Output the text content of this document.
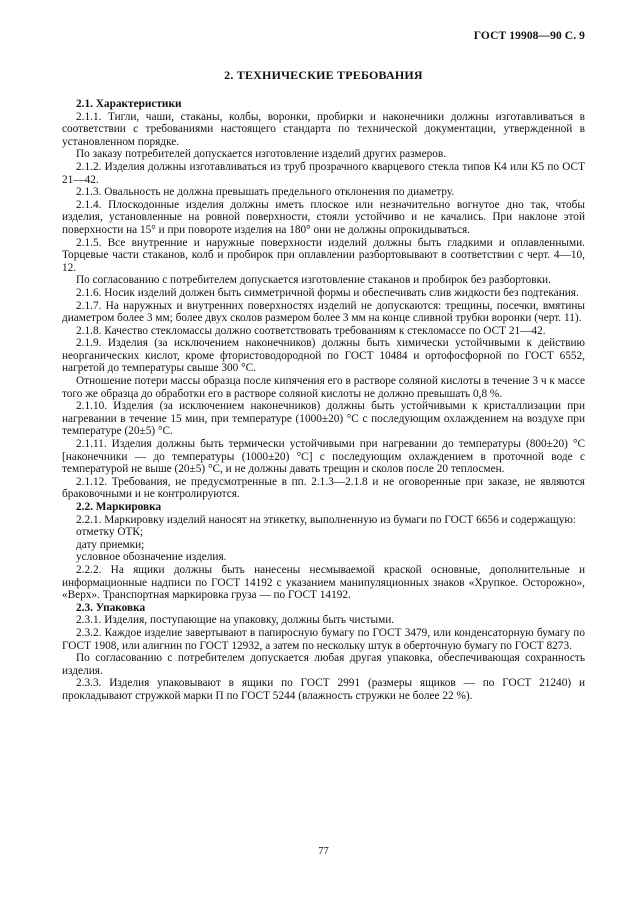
ГОСТ 19908—90 С. 9
2. ТЕХНИЧЕСКИЕ ТРЕБОВАНИЯ

2.1. Характеристики

2.1.1. Тигли, чаши, стаканы, колбы, воронки, пробирки и наконечники должны изготавливаться в соответствии с требованиями настоящего стандарта по технической документации, утвержденной в установленном порядке.

По заказу потребителей допускается изготовление изделий других размеров.

2.1.2. Изделия должны изготавливаться из труб прозрачного кварцевого стекла типов К4 или К5 по ОСТ 21—42.

2.1.3. Овальность не должна превышать предельного отклонения по диаметру.

2.1.4. Плоскодонные изделия должны иметь плоское или незначительно вогнутое дно так, чтобы изделия, установленные на ровной поверхности, стояли устойчиво и не качались. При наклоне этой поверхности на 15° и при повороте изделия на 180° они не должны опрокидываться.

2.1.5. Все внутренние и наружные поверхности изделий должны быть гладкими и оплавленными. Торцевые части стаканов, колб и пробирок при оплавлении разбортовывают в соответствии с черт. 4—10, 12.

По согласованию с потребителем допускается изготовление стаканов и пробирок без разбортовки.

2.1.6. Носик изделий должен быть симметричной формы и обеспечивать слив жидкости без подтекания.

2.1.7. На наружных и внутренних поверхностях изделий не допускаются: трещины, посечки, вмятины диаметром более 3 мм; более двух сколов размером более 3 мм на конце сливной трубки воронки (черт. 11).

2.1.8. Качество стекломассы должно соответствовать требованиям к стекломассе по ОСТ 21—42.

2.1.9. Изделия (за исключением наконечников) должны быть химически устойчивыми к действию неорганических кислот, кроме фтористоводородной по ГОСТ 10484 и ортофосфорной по ГОСТ 6552, нагретой до температуры свыше 300 °С.

Отношение потери массы образца после кипячения его в растворе соляной кислоты в течение 3 ч к массе того же образца до обработки его в растворе соляной кислоты не должно превышать 0,8 %.

2.1.10. Изделия (за исключением наконечников) должны быть устойчивыми к кристаллизации при нагревании в течение 15 мин, при температуре (1000±20) °С с последующим охлаждением на воздухе при температуре (20±5) °С.

2.1.11. Изделия должны быть термически устойчивыми при нагревании до температуры (800±20) °С [наконечники — до температуры (1000±20) °С] с последующим охлаждением в проточной воде с температурой не выше (20±5) °С, и не должны давать трещин и сколов после 20 теплосмен.

2.1.12. Требования, не предусмотренные в пп. 2.1.3—2.1.8 и не оговоренные при заказе, не являются браковочными и не контролируются.

2.2. Маркировка

2.2.1. Маркировку изделий наносят на этикетку, выполненную из бумаги по ГОСТ 6656 и содержащую:

отметку ОТК;

дату приемки;

условное обозначение изделия.

2.2.2. На ящики должны быть нанесены несмываемой краской основные, дополнительные и информационные надписи по ГОСТ 14192 с указанием манипуляционных знаков «Хрупкое. Осторожно», «Верх». Транспортная маркировка груза — по ГОСТ 14192.

2.3. Упаковка

2.3.1. Изделия, поступающие на упаковку, должны быть чистыми.

2.3.2. Каждое изделие завертывают в папиросную бумагу по ГОСТ 3479, или конденсаторную бумагу по ГОСТ 1908, или алигнин по ГОСТ 12932, а затем по нескольку штук в оберточную бумагу по ГОСТ 8273.

По согласованию с потребителем допускается любая другая упаковка, обеспечивающая сохранность изделия.

2.3.3. Изделия упаковывают в ящики по ГОСТ 2991 (размеры ящиков — по ГОСТ 21240) и прокладывают стружкой марки П по ГОСТ 5244 (влажность стружки не более 22 %).

77
